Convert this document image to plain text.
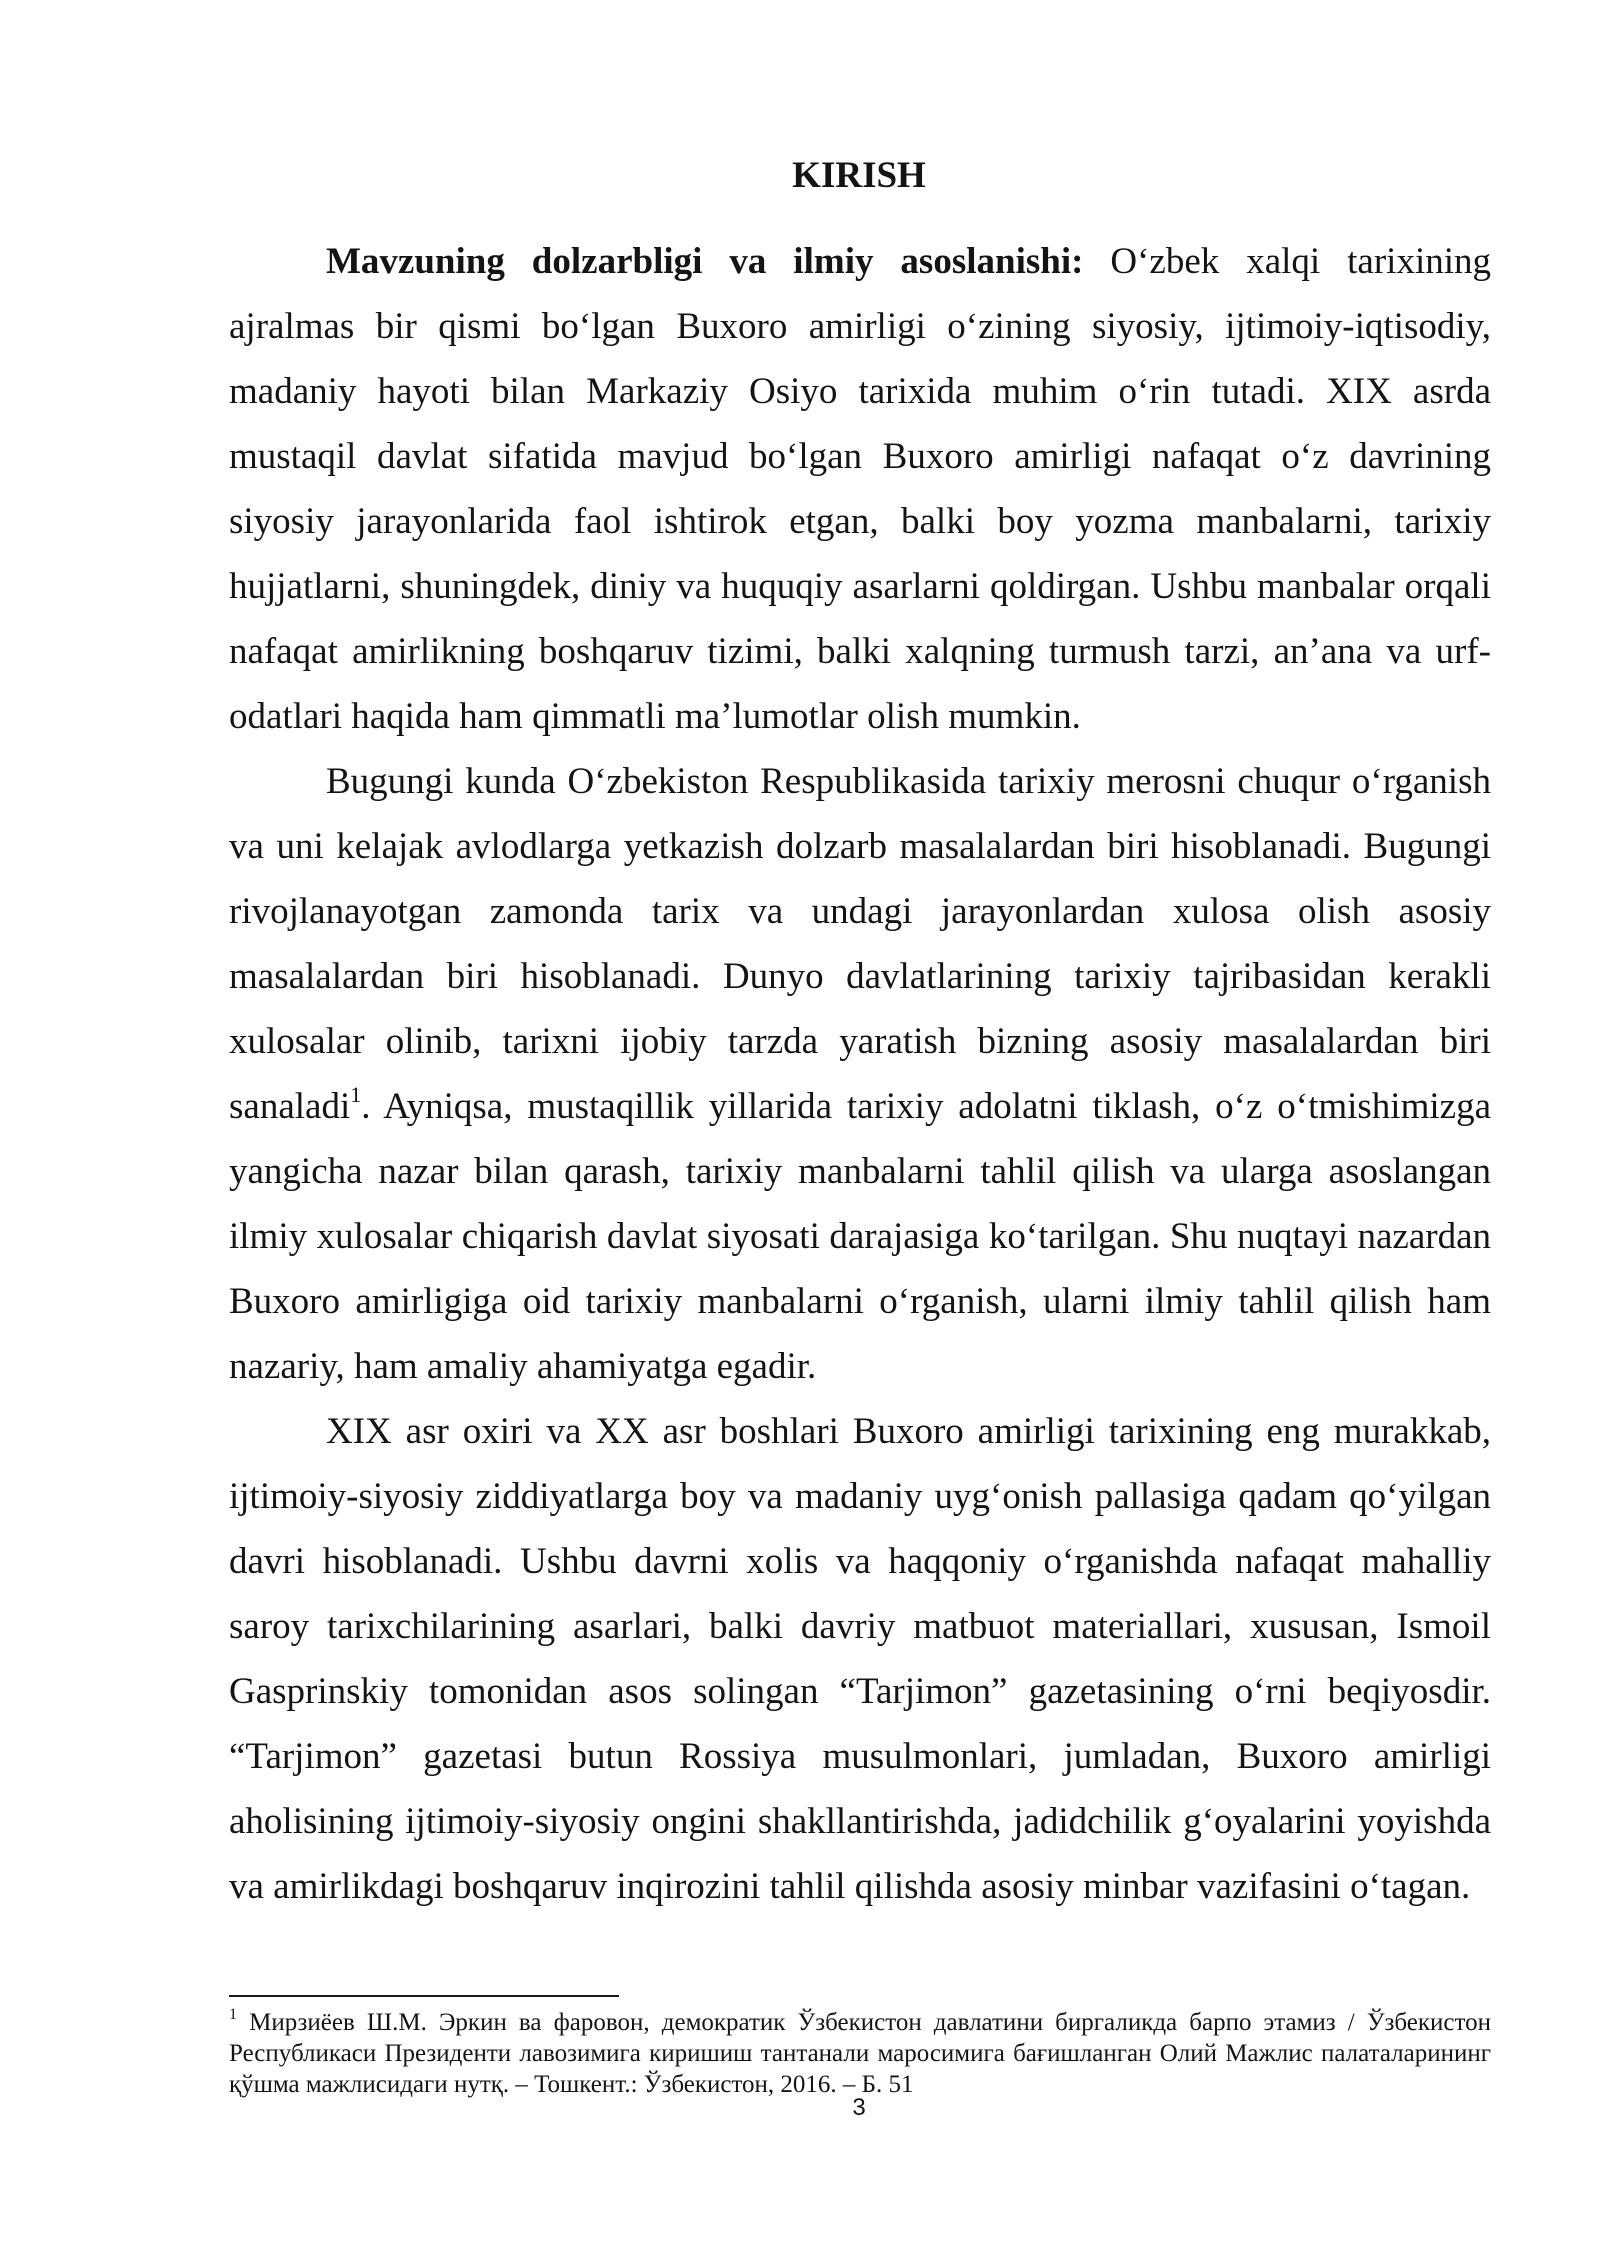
KIRISH

Mavzuning dolzarbligi va ilmiy asoslanishi: O‘zbek xalqi tarixining ajralmas bir qismi bo‘lgan Buxoro amirligi o‘zining siyosiy, ijtimoiy-iqtisodiy, madaniy hayoti bilan Markaziy Osiyo tarixida muhim o‘rin tutadi. XIX asrda mustaqil davlat sifatida mavjud bo‘lgan Buxoro amirligi nafaqat o‘z davrining siyosiy jarayonlarida faol ishtirok etgan, balki boy yozma manbalarni, tarixiy hujjatlarni, shuningdek, diniy va huquqiy asarlarni qoldirgan. Ushbu manbalar orqali nafaqat amirlikning boshqaruv tizimi, balki xalqning turmush tarzi, an’ana va urf-odatlari haqida ham qimmatli ma’lumotlar olish mumkin.

Bugungi kunda O‘zbekiston Respublikasida tarixiy merosni chuqur o‘rganish va uni kelajak avlodlarga yetkazish dolzarb masalalardan biri hisoblanadi. Bugungi rivojlanayotgan zamonda tarix va undagi jarayonlardan xulosa olish asosiy masalalardan biri hisoblanadi. Dunyo davlatlarining tarixiy tajribasidan kerakli xulosalar olinib, tarixni ijobiy tarzda yaratish bizning asosiy masalalardan biri sanaladi$^1$. Ayniqsa, mustaqillik yillarida tarixiy adolatni tiklash, o‘z o‘tmishimizga yangicha nazar bilan qarash, tarixiy manbalarni tahlil qilish va ularga asoslangan ilmiy xulosalar chiqarish davlat siyosati darajasiga ko‘tarilgan. Shu nuqtayi nazardan Buxoro amirligiga oid tarixiy manbalarni o‘rganish, ularni ilmiy tahlil qilish ham nazariy, ham amaliy ahamiyatga egadir.

XIX asr oxiri va XX asr boshlari Buxoro amirligi tarixining eng murakkab, ijtimoiy-siyosiy ziddiyatlarga boy va madaniy uyg‘onish pallasiga qadam qo‘yilgan davri hisoblanadi. Ushbu davrni xolis va haqqoniy o‘rganishda nafaqat mahalliy saroy tarixchilarining asarlari, balki davriy matbuot materiallari, xususan, Ismoil Gasprinskiy tomonidan asos solingan “Tarjimon” gazetasining o‘rni beqiyosdir. “Tarjimon” gazetasi butun Rossiya musulmonlari, jumladan, Buxoro amirligi aholisining ijtimoiy-siyosiy ongini shakllantirishda, jadidchilik g‘oyalarini yoyishda va amirlikdagi boshqaruv inqirozini tahlil qilishda asosiy minbar vazifasini o‘tagan.

$^1$ Мирзиёев Ш.М. Эркин ва фаровон, демократик Ўзбекистон давлатини биргаликда барпо этамиз / Ўзбекистон Республикаси Президенти лавозимига киришиш тантанали маросимига бағишланган Олий Мажлис палаталарининг қўшма мажлисидаги нутқ. – Тошкент.: Ўзбекистон, 2016. – Б. 51

3
